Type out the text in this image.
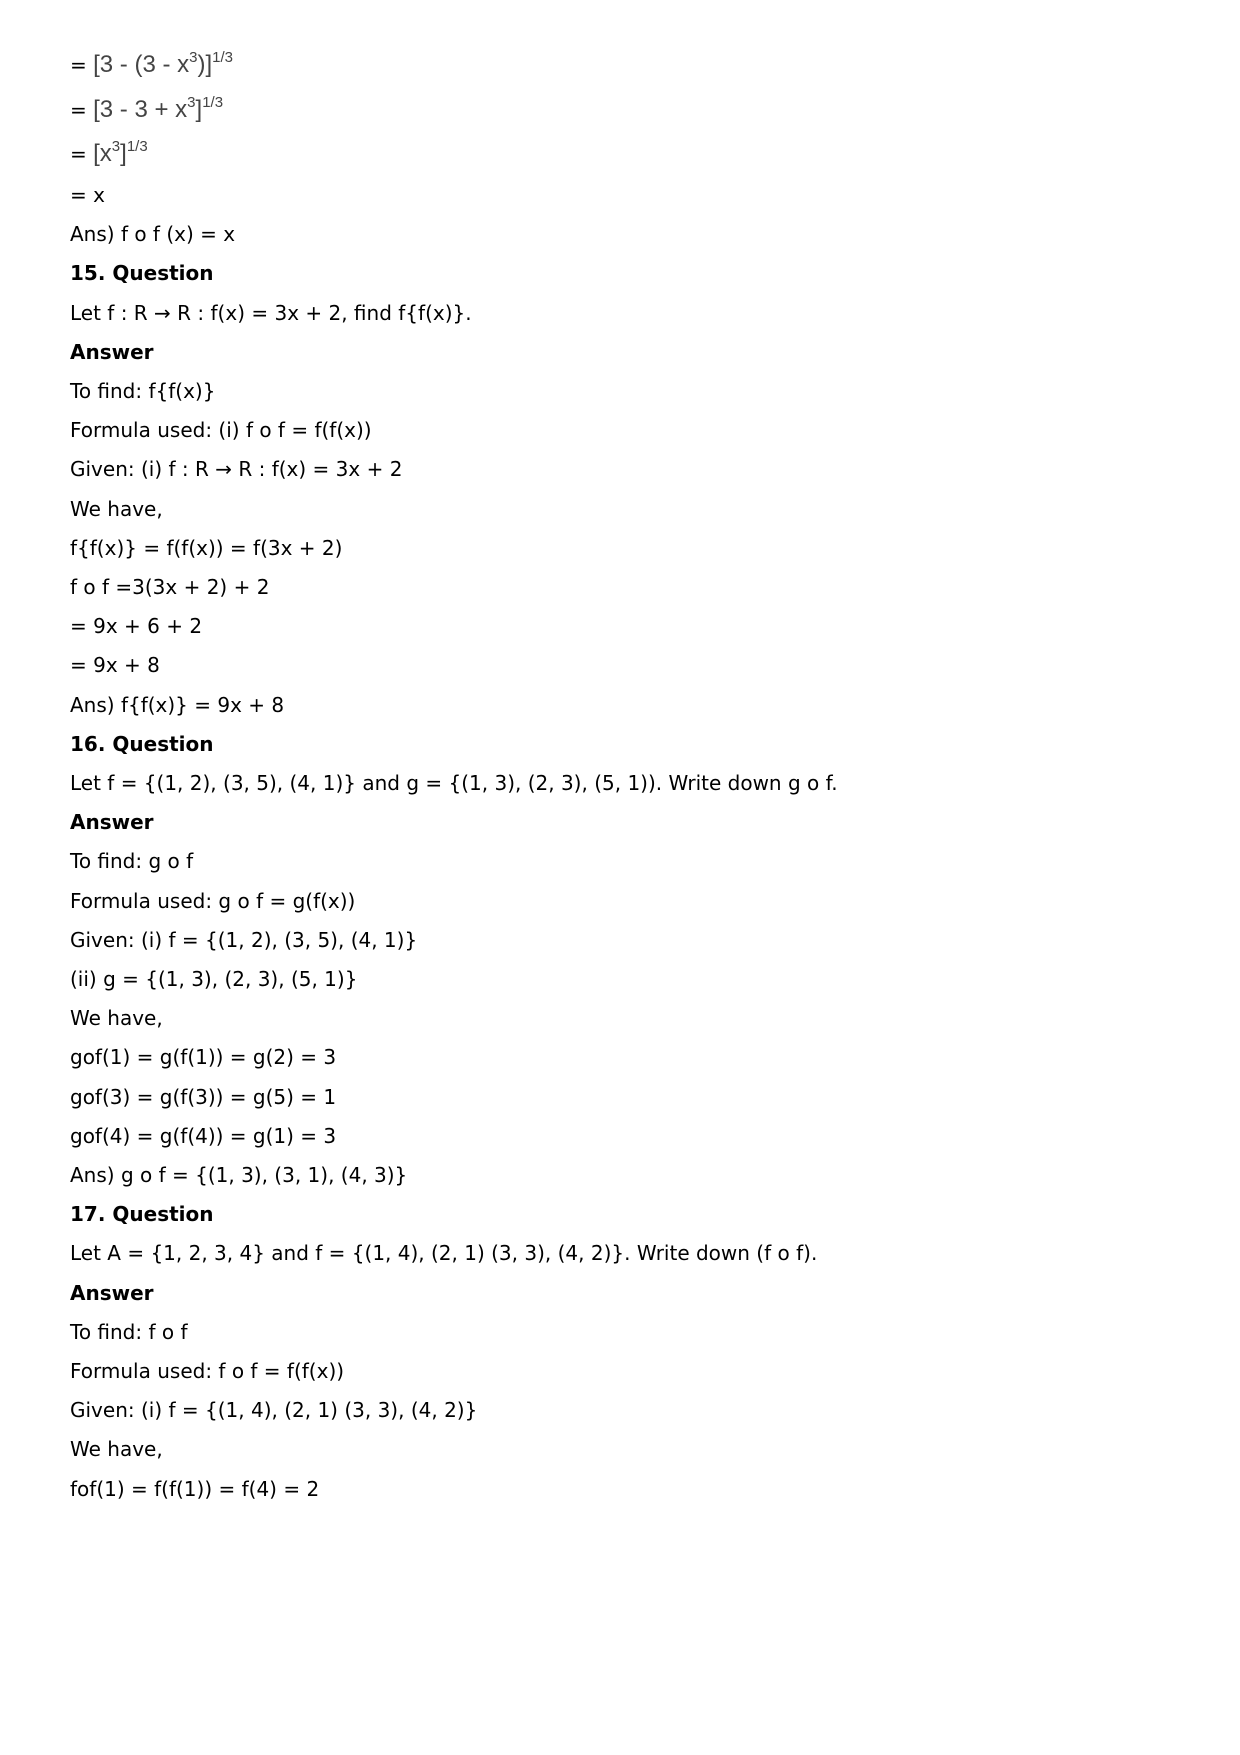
= $[3 - (3 - x^3)]^{1/3}$
= $[3 - 3 + x^3]^{1/3}$
= $[x^3]^{1/3}$
= x
Ans) f o f (x) = x
15. Question
Let f : R → R : f(x) = 3x + 2, find f{f(x)}.
Answer
To find: f{f(x)}
Formula used: (i) f o f = f(f(x))
Given: (i) f : R → R : f(x) = 3x + 2
We have,
f{f(x)} = f(f(x)) = f(3x + 2)
f o f =3(3x + 2) + 2
= 9x + 6 + 2
= 9x + 8
Ans) f{f(x)} = 9x + 8
16. Question
Let f = {(1, 2), (3, 5), (4, 1)} and g = {(1, 3), (2, 3), (5, 1)). Write down g o f.
Answer
To find: g o f
Formula used: g o f = g(f(x))
Given: (i) f = {(1, 2), (3, 5), (4, 1)}
(ii) g = {(1, 3), (2, 3), (5, 1)}
We have,
gof(1) = g(f(1)) = g(2) = 3
gof(3) = g(f(3)) = g(5) = 1
gof(4) = g(f(4)) = g(1) = 3
Ans) g o f = {(1, 3), (3, 1), (4, 3)}
17. Question
Let A = {1, 2, 3, 4} and f = {(1, 4), (2, 1) (3, 3), (4, 2)}. Write down (f o f).
Answer
To find: f o f
Formula used: f o f = f(f(x))
Given: (i) f = {(1, 4), (2, 1) (3, 3), (4, 2)}
We have,
fof(1) = f(f(1)) = f(4) = 2
